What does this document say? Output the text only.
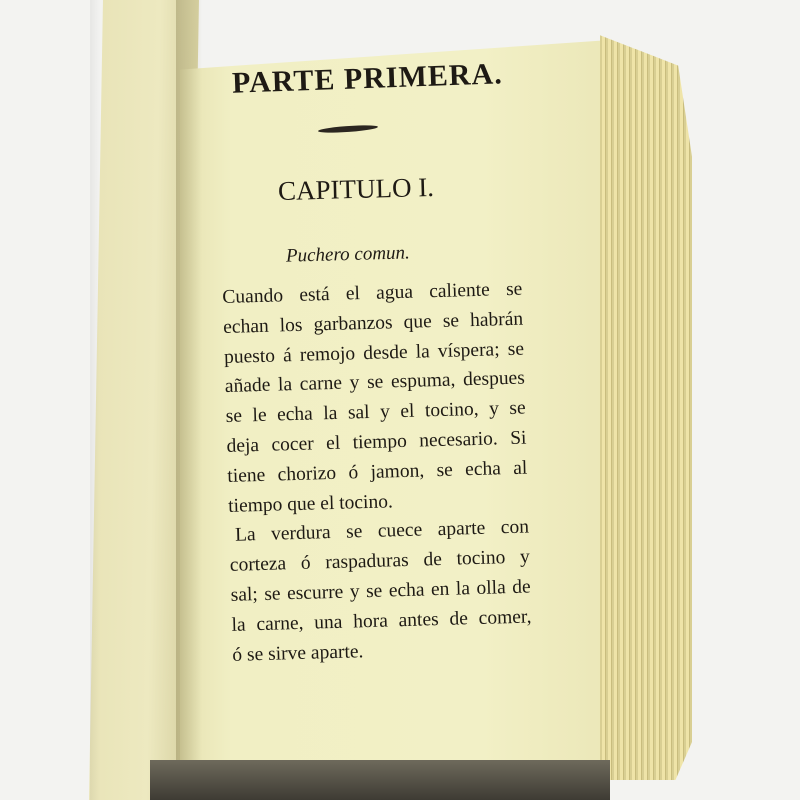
PARTE PRIMERA.
CAPITULO I.
Puchero comun.
Cuando está el agua caliente se
echan los garbanzos que se habrán
puesto á remojo desde la víspera; se
añade la carne y se espuma, despues
se le echa la sal y el tocino, y se
deja cocer el tiempo necesario. Si
tiene chorizo ó jamon, se echa al
tiempo que el tocino.
La verdura se cuece aparte con
corteza ó raspaduras de tocino y
sal; se escurre y se echa en la olla de
la carne, una hora antes de comer,
ó se sirve aparte.
